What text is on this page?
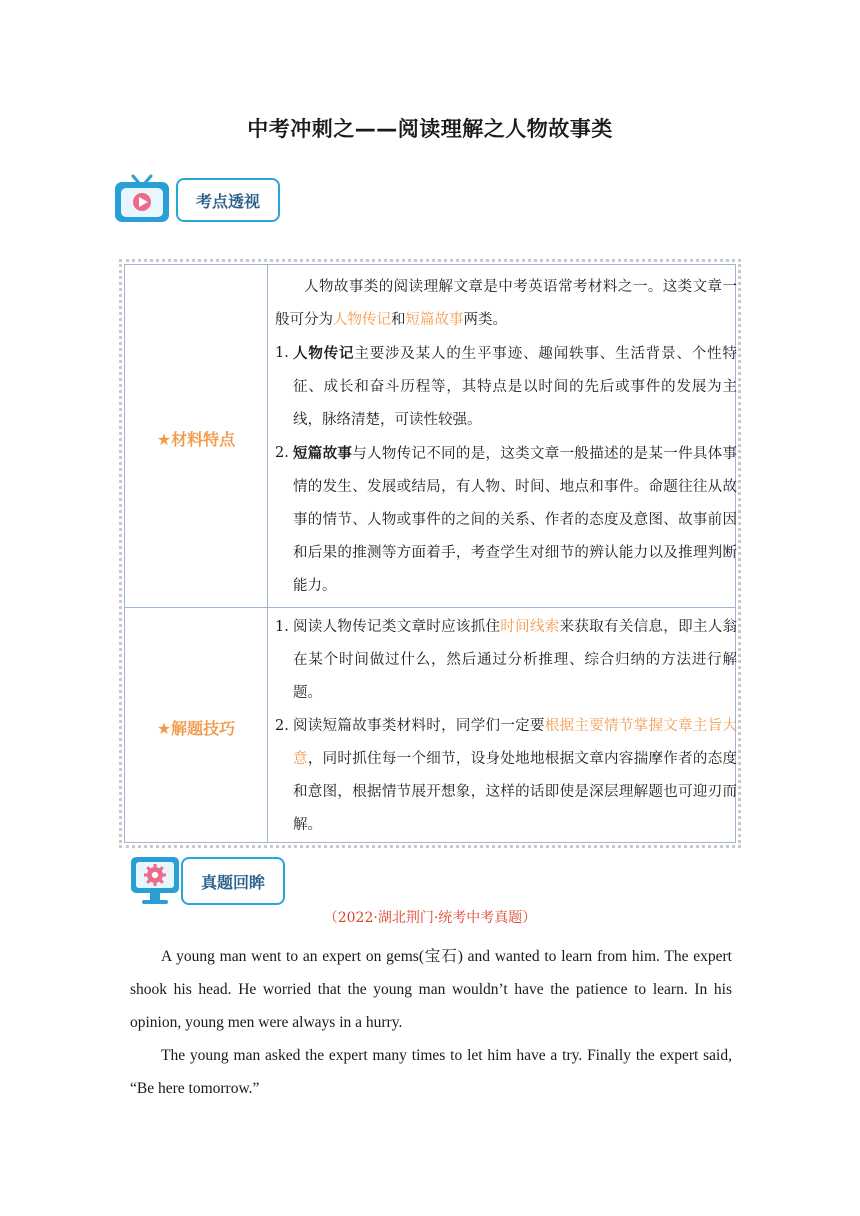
中考冲刺之——阅读理解之人物故事类
考点透视
★材料特点

人物故事类的阅读理解文章是中考英语常考材料之一。这类文章一般可分为人物传记和短篇故事两类。

1. 人物传记主要涉及某人的生平事迹、趣闻轶事、生活背景、个性特征、成长和奋斗历程等，其特点是以时间的先后或事件的发展为主线，脉络清楚，可读性较强。
2. 短篇故事与人物传记不同的是，这类文章一般描述的是某一件具体事情的发生、发展或结局，有人物、时间、地点和事件。命题往往从故事的情节、人物或事件的之间的关系、作者的态度及意图、故事前因和后果的推测等方面着手，考查学生对细节的辨认能力以及推理判断能力。
★解题技巧
1. 阅读人物传记类文章时应该抓住时间线索来获取有关信息，即主人翁在某个时间做过什么，然后通过分析推理、综合归纳的方法进行解题。
2. 阅读短篇故事类材料时，同学们一定要根据主要情节掌握文章主旨大意，同时抓住每一个细节，设身处地地根据文章内容揣摩作者的态度和意图，根据情节展开想象，这样的话即使是深层理解题也可迎刃而解。
真题回眸
（2022·湖北荆门·统考中考真题）

A young man went to an expert on gems(宝石) and wanted to learn from him. The expert shook his head. He worried that the young man wouldn’t have the patience to learn. In his opinion, young men were always in a hurry.

The young man asked the expert many times to let him have a try. Finally the expert said, “Be here tomorrow.”
